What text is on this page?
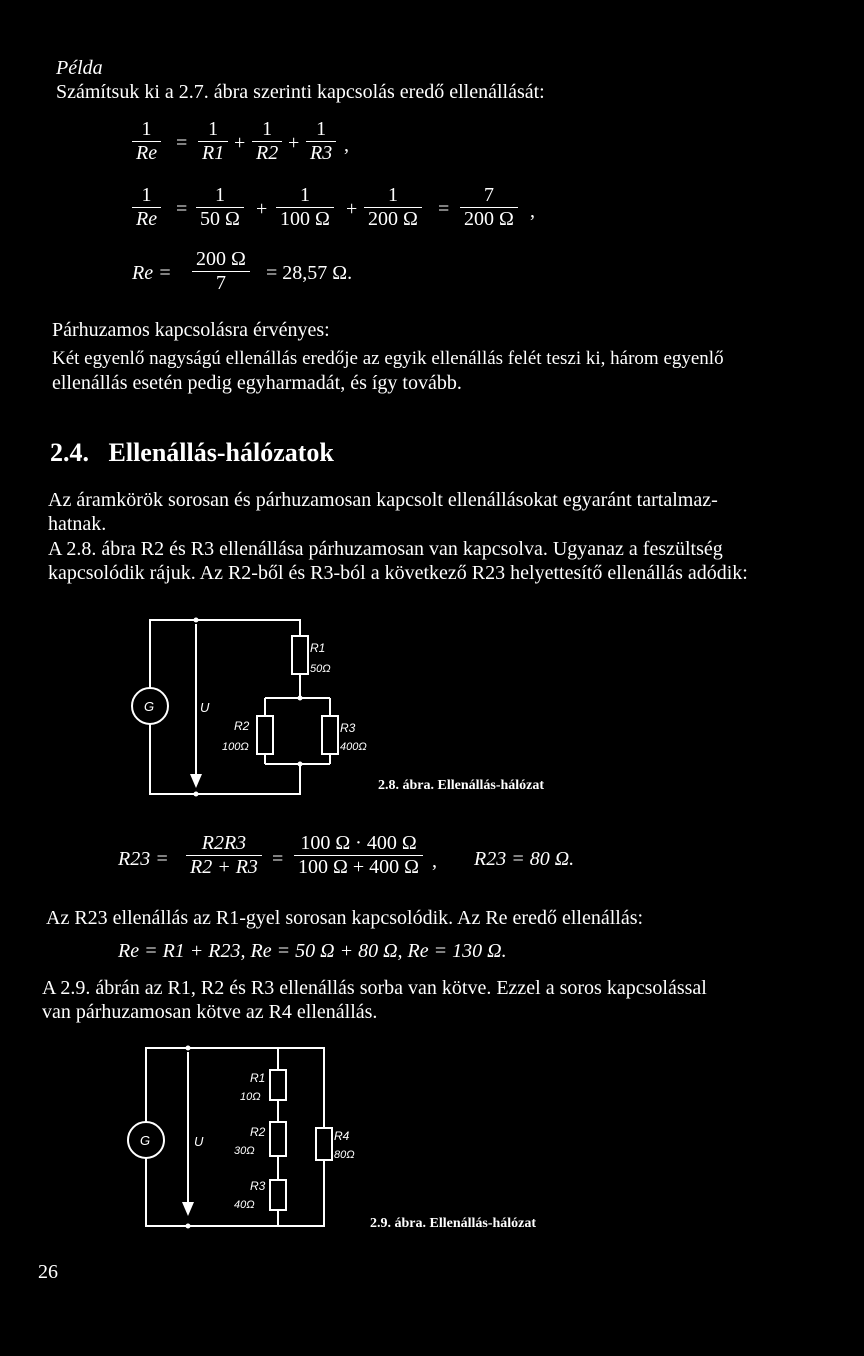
Példa
Számítsuk ki a 2.7. ábra szerinti kapcsolás eredő ellenállását:
$\frac{1}{Re} = \frac{1}{R1} + \frac{1}{R2} + \frac{1}{R3}$ ,
$\frac{1}{Re} = \frac{1}{50 \Omega} + \frac{1}{100 \Omega} + \frac{1}{200 \Omega} = \frac{7}{200 \Omega}$ ,
$Re = \frac{200 \Omega}{7} = 28,57$ Ω.
Párhuzamos kapcsolásra érvényes:
Két egyenlő nagyságú ellenállás eredője az egyik ellenállás felét teszi ki, három egyenlő
ellenállás esetén pedig egyharmadát, és így tovább.
2.4. Ellenállás-hálózatok
Az áramkörök sorosan és párhuzamosan kapcsolt ellenállásokat egyaránt tartalmaz-
hatnak.
A 2.8. ábra R2 és R3 ellenállása párhuzamosan van kapcsolva. Ugyanaz a feszültség
kapcsolódik rájuk. Az R2-ből és R3-ból a következő R23 helyettesítő ellenállás adódik:
G	U
R1
50Ω
R2
100Ω
R3
400Ω
2.8. ábra. Ellenállás-hálózat
$R23 = \frac{R2R3}{R2 + R3} = \frac{100 \Omega \cdot 400 \Omega}{100 \Omega + 400 \Omega}$ , R23 = 80 Ω.
Az R23 ellenállás az R1-gyel sorosan kapcsolódik. Az Re eredő ellenállás:
Re = R1 + R23, Re = 50 Ω + 80 Ω, Re = 130 Ω.
A 2.9. ábrán az R1, R2 és R3 ellenállás sorba van kötve. Ezzel a soros kapcsolással
van párhuzamosan kötve az R4 ellenállás.
G	U
R1
10Ω
R2
30Ω
R3
40Ω
R4
80Ω
2.9. ábra. Ellenállás-hálózat
26
